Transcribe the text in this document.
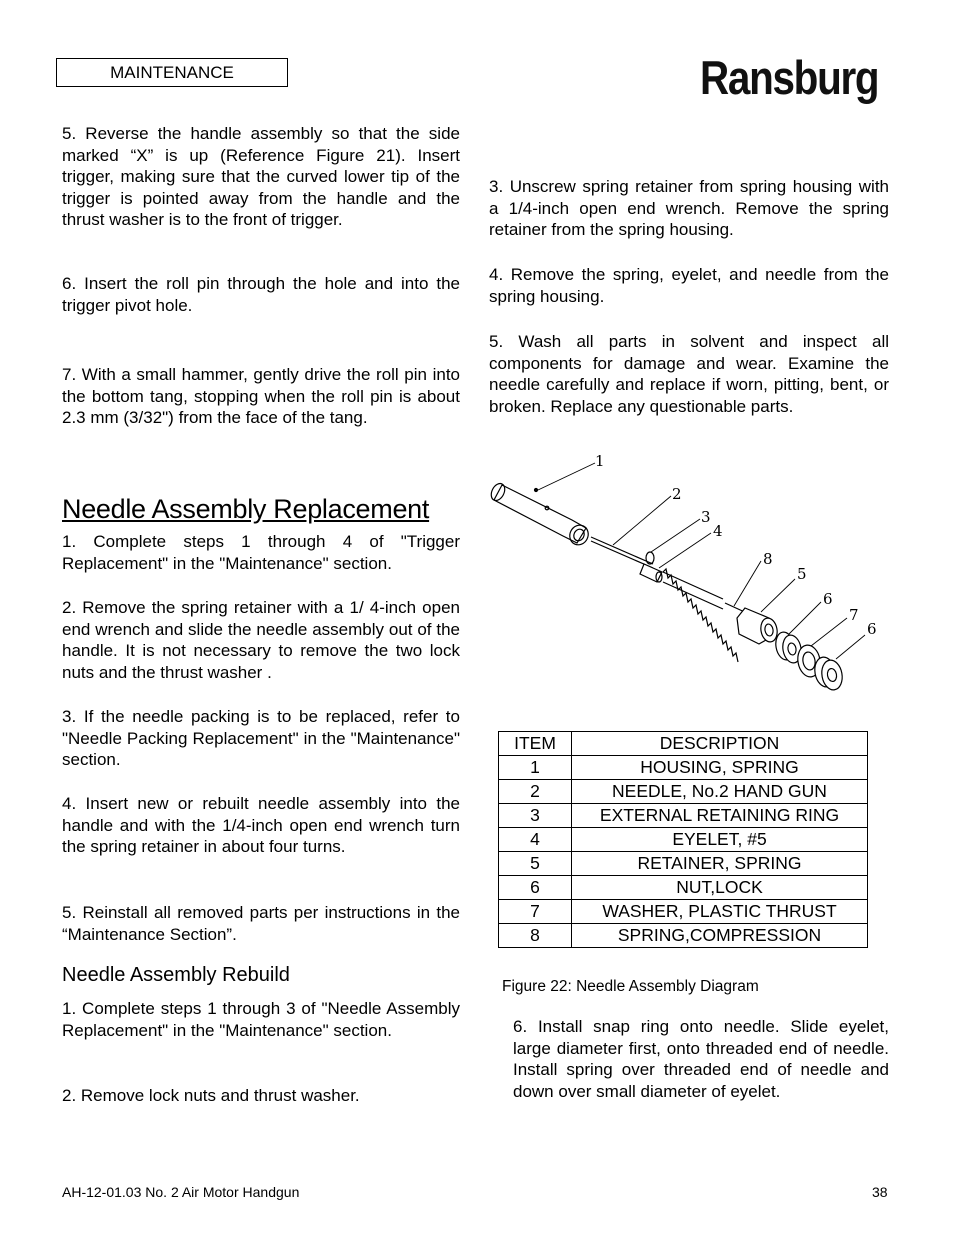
MAINTENANCE	Ransburg

5. Reverse the handle assembly so that the side marked “X” is up (Reference Figure 21). Insert trigger, making sure that the curved lower tip of the trigger is pointed away from the handle and the thrust washer is to the front of trigger.

6. Insert the roll pin through the hole and into the trigger pivot hole.

7. With a small hammer, gently drive the roll pin into the bottom tang, stopping when the roll pin is about 2.3 mm (3/32") from the face of the tang.

Needle Assembly Replacement

1. Complete steps 1 through 4 of "Trigger Replacement" in the "Maintenance" section.

2. Remove the spring retainer with a 1/ 4-inch open end wrench and slide the needle assembly out of the handle. It is not necessary to remove the two lock nuts and the thrust washer .

3. If the needle packing is to be replaced, refer to "Needle Packing Replacement" in the "Maintenance" section.

4. Insert new or rebuilt needle assembly into the handle and with the 1/4-inch open end wrench turn the spring retainer in about four turns.

5. Reinstall all removed parts per instructions in the “Maintenance Section”.

Needle Assembly Rebuild

1. Complete steps 1 through 3 of "Needle Assembly Replacement" in the "Maintenance" section.

2. Remove lock nuts and thrust washer.

3. Unscrew spring retainer from spring housing with a 1/4-inch open end wrench. Remove the spring retainer from the spring housing.

4. Remove the spring, eyelet, and needle from the spring housing.

5. Wash all parts in solvent and inspect all components for damage and wear. Examine the needle carefully and replace if worn, pitting, bent, or broken. Replace any questionable parts.

1
2
3
4
8
5
6
7
6
ITEM	DESCRIPTION
1	HOUSING, SPRING
2	NEEDLE, No.2 HAND GUN
3	EXTERNAL RETAINING RING
4	EYELET, #5
5	RETAINER, SPRING
6	NUT,LOCK
7	WASHER, PLASTIC THRUST
8	SPRING,COMPRESSION
Figure 22: Needle Assembly Diagram

6. Install snap ring onto needle. Slide eyelet, large diameter first, onto threaded end of needle. Install spring over threaded end of needle and down over small diameter of eyelet.

AH-12-01.03 No. 2 Air Motor Handgun	38
